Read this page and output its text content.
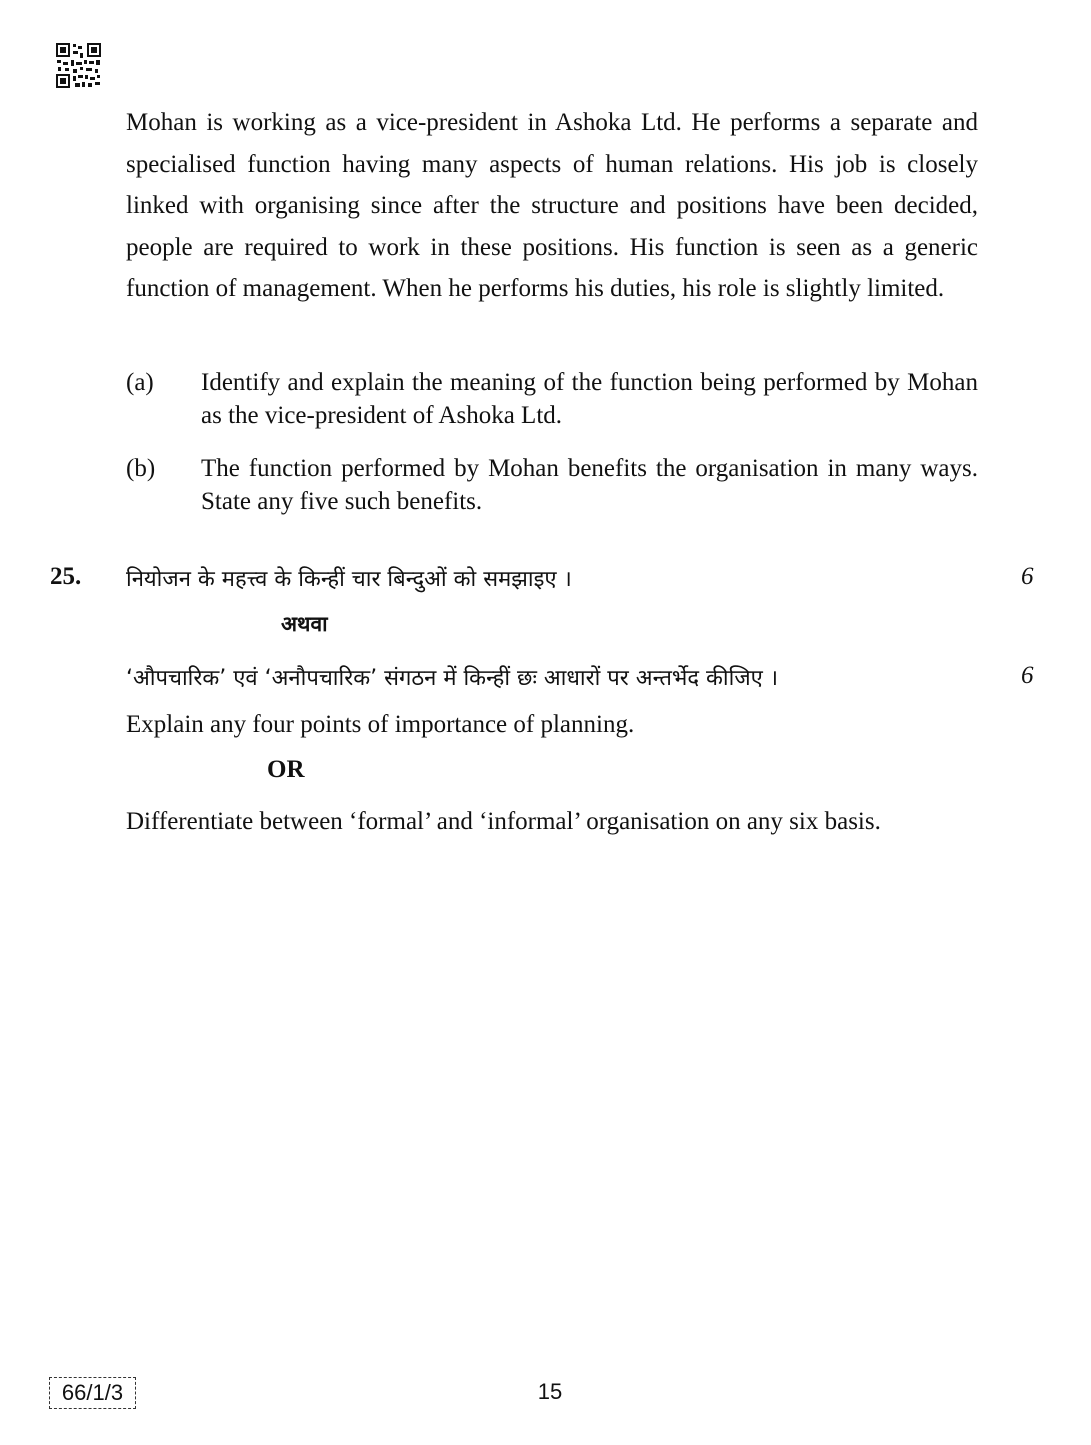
Mohan is working as a vice-president in Ashoka Ltd. He performs a separate and specialised function having many aspects of human relations. His job is closely linked with organising since after the structure and positions have been decided, people are required to work in these positions. His function is seen as a generic function of management. When he performs his duties, his role is slightly limited.

(a) Identify and explain the meaning of the function being performed by Mohan as the vice-president of Ashoka Ltd.
(b) The function performed by Mohan benefits the organisation in many ways. State any five such benefits.
25. नियोजन के महत्त्व के किन्हीं चार बिन्दुओं को समझाइए ।	6
अथवा
‘औपचारिक’ एवं ‘अनौपचारिक’ संगठन में किन्हीं छः आधारों पर अन्तर्भेद कीजिए ।	6
Explain any four points of importance of planning.
OR
Differentiate between ‘formal’ and ‘informal’ organisation on any six basis.
66/1/3	15
